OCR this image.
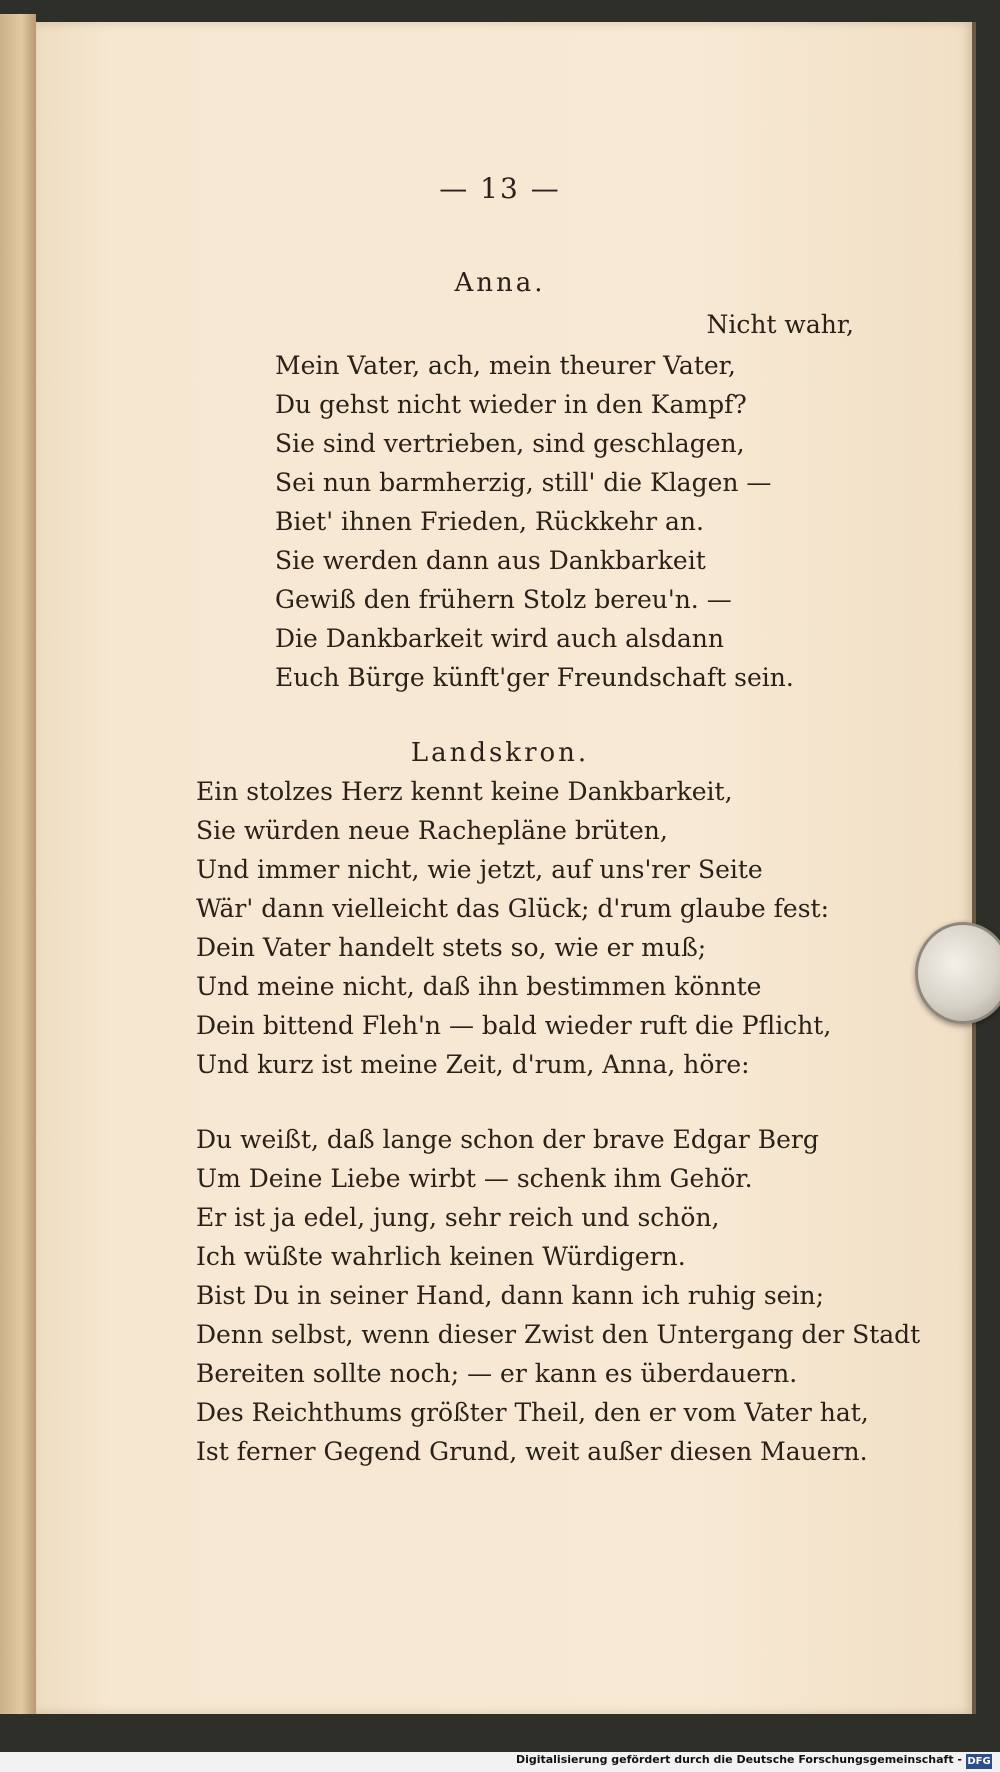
— 13 —
Anna.
Nicht wahr,
Mein Vater, ach, mein theurer Vater,
Du gehst nicht wieder in den Kampf?
Sie sind vertrieben, sind geschlagen,
Sei nun barmherzig, still' die Klagen —
Biet' ihnen Frieden, Rückkehr an.
Sie werden dann aus Dankbarkeit
Gewiß den frühern Stolz bereu'n. —
Die Dankbarkeit wird auch alsdann
Euch Bürge künft'ger Freundschaft sein.
Landskron.
Ein stolzes Herz kennt keine Dankbarkeit,
Sie würden neue Rachepläne brüten,
Und immer nicht, wie jetzt, auf uns'rer Seite
Wär' dann vielleicht das Glück; d'rum glaube fest:
Dein Vater handelt stets so, wie er muß;
Und meine nicht, daß ihn bestimmen könnte
Dein bittend Fleh'n — bald wieder ruft die Pflicht,
Und kurz ist meine Zeit, d'rum, Anna, höre:
Du weißt, daß lange schon der brave Edgar Berg
Um Deine Liebe wirbt — schenk ihm Gehör.
Er ist ja edel, jung, sehr reich und schön,
Ich wüßte wahrlich keinen Würdigern.
Bist Du in seiner Hand, dann kann ich ruhig sein;
Denn selbst, wenn dieser Zwist den Untergang der Stadt
Bereiten sollte noch; — er kann es überdauern.
Des Reichthums größter Theil, den er vom Vater hat,
Ist ferner Gegend Grund, weit außer diesen Mauern.
Digitalisierung gefördert durch die Deutsche Forschungsgemeinschaft - DFG
